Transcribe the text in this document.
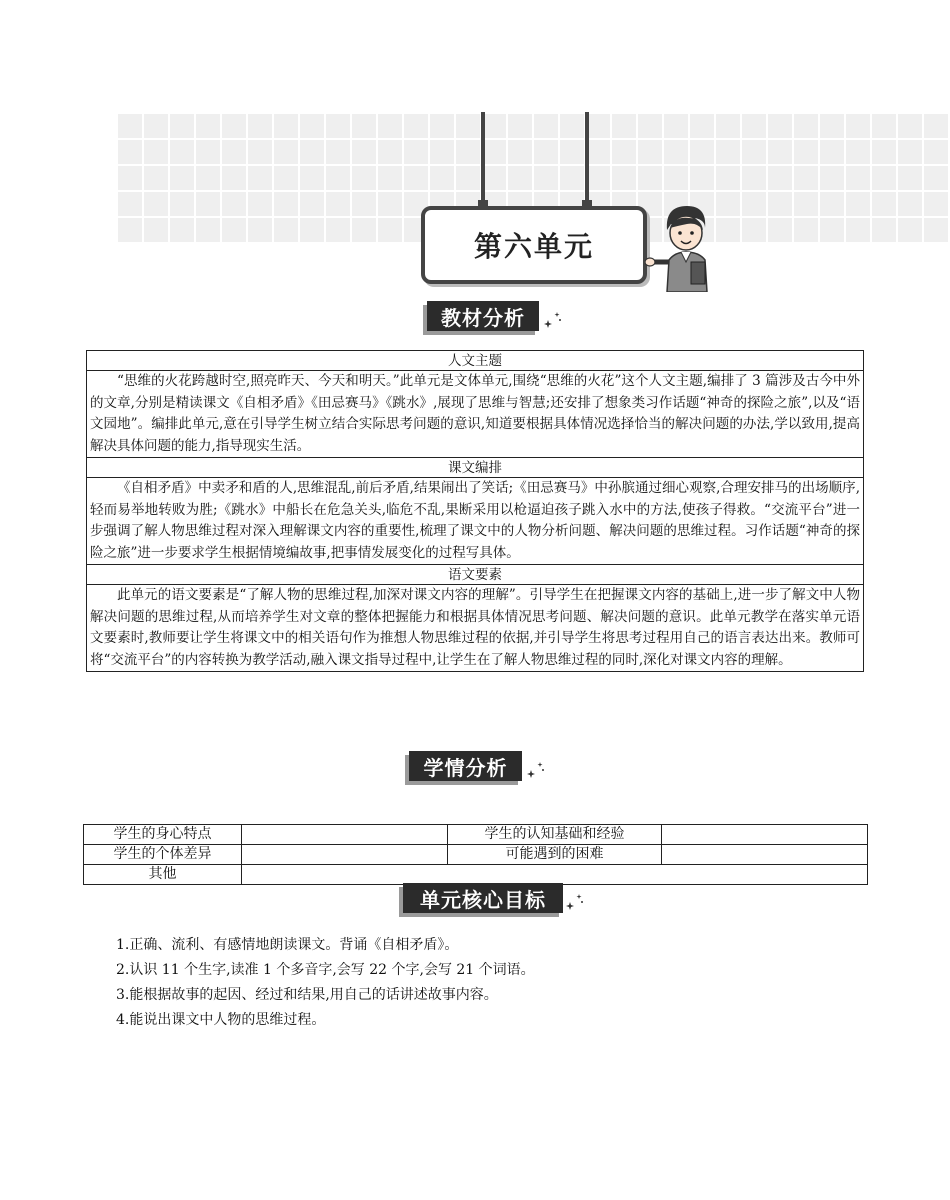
第六单元
教材分析
人文主题
“思维的火花跨越时空,照亮昨天、今天和明天。”此单元是文体单元,围绕“思维的火花”这个人文主题,编排了 3 篇涉及古今中外的文章,分别是精读课文《自相矛盾》《田忌赛马》《跳水》,展现了思维与智慧;还安排了想象类习作话题“神奇的探险之旅”,以及“语文园地”。编排此单元,意在引导学生树立结合实际思考问题的意识,知道要根据具体情况选择恰当的解决问题的办法,学以致用,提高解决具体问题的能力,指导现实生活。
课文编排
《自相矛盾》中卖矛和盾的人,思维混乱,前后矛盾,结果闹出了笑话;《田忌赛马》中孙膑通过细心观察,合理安排马的出场顺序,轻而易举地转败为胜;《跳水》中船长在危急关头,临危不乱,果断采用以枪逼迫孩子跳入水中的方法,使孩子得救。“交流平台”进一步强调了解人物思维过程对深入理解课文内容的重要性,梳理了课文中的人物分析问题、解决问题的思维过程。习作话题“神奇的探险之旅”进一步要求学生根据情境编故事,把事情发展变化的过程写具体。
语文要素
此单元的语文要素是“了解人物的思维过程,加深对课文内容的理解”。引导学生在把握课文内容的基础上,进一步了解文中人物解决问题的思维过程,从而培养学生对文章的整体把握能力和根据具体情况思考问题、解决问题的意识。此单元教学在落实单元语文要素时,教师要让学生将课文中的相关语句作为推想人物思维过程的依据,并引导学生将思考过程用自己的语言表达出来。教师可将“交流平台”的内容转换为教学活动,融入课文指导过程中,让学生在了解人物思维过程的同时,深化对课文内容的理解。
学情分析
学生的身心特点		学生的认知基础和经验	
学生的个体差异		可能遇到的困难	
其他			
单元核心目标
1.正确、流利、有感情地朗读课文。背诵《自相矛盾》。
2.认识 11 个生字,读准 1 个多音字,会写 22 个字,会写 21 个词语。
3.能根据故事的起因、经过和结果,用自己的话讲述故事内容。
4.能说出课文中人物的思维过程。
